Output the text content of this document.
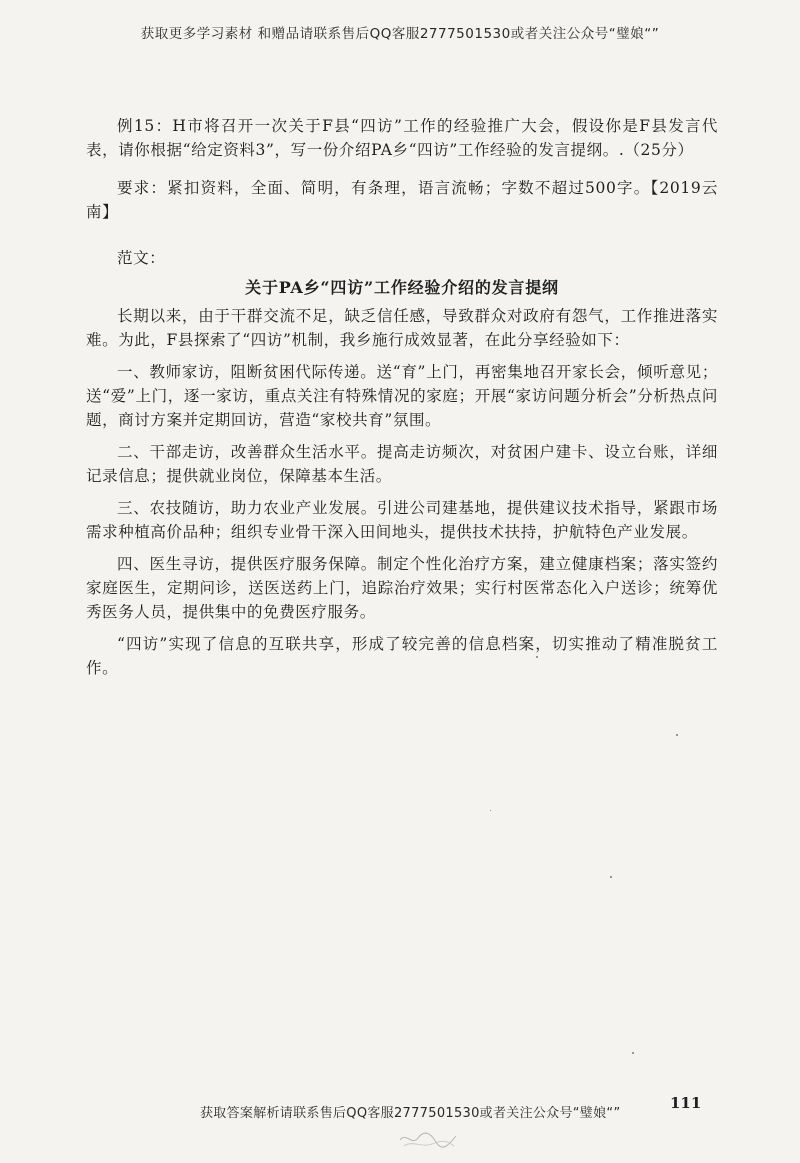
获取更多学习素材 和赠品请联系售后QQ客服2777501530或者关注公众号“璧娘“”

例15：H市将召开一次关于F县“四访”工作的经验推广大会，假设你是F县发言代表，请你根据“给定资料3”，写一份介绍PA乡“四访”工作经验的发言提纲。.（25分）

要求：紧扣资料，全面、简明，有条理，语言流畅；字数不超过500字。【2019云南】

范文：
关于PA乡“四访”工作经验介绍的发言提纲

长期以来，由于干群交流不足，缺乏信任感，导致群众对政府有怨气，工作推进落实难。为此，F县探索了“四访”机制，我乡施行成效显著，在此分享经验如下：

一、教师家访，阻断贫困代际传递。送“育”上门，再密集地召开家长会，倾听意见；送“爱”上门，逐一家访，重点关注有特殊情况的家庭；开展“家访问题分析会”分析热点问题，商讨方案并定期回访，营造“家校共育”氛围。

二、干部走访，改善群众生活水平。提高走访频次，对贫困户建卡、设立台账，详细记录信息；提供就业岗位，保障基本生活。

三、农技随访，助力农业产业发展。引进公司建基地，提供建议技术指导，紧跟市场需求种植高价品种；组织专业骨干深入田间地头，提供技术扶持，护航特色产业发展。

四、医生寻访，提供医疗服务保障。制定个性化治疗方案，建立健康档案；落实签约家庭医生，定期问诊，送医送药上门，追踪治疗效果；实行村医常态化入户送诊；统筹优秀医务人员，提供集中的免费医疗服务。

“四访”实现了信息的互联共享，形成了较完善的信息档案，切实推动了精准脱贫工作。

获取答案解析请联系售后QQ客服2777501530或者关注公众号“璧娘“”
111
